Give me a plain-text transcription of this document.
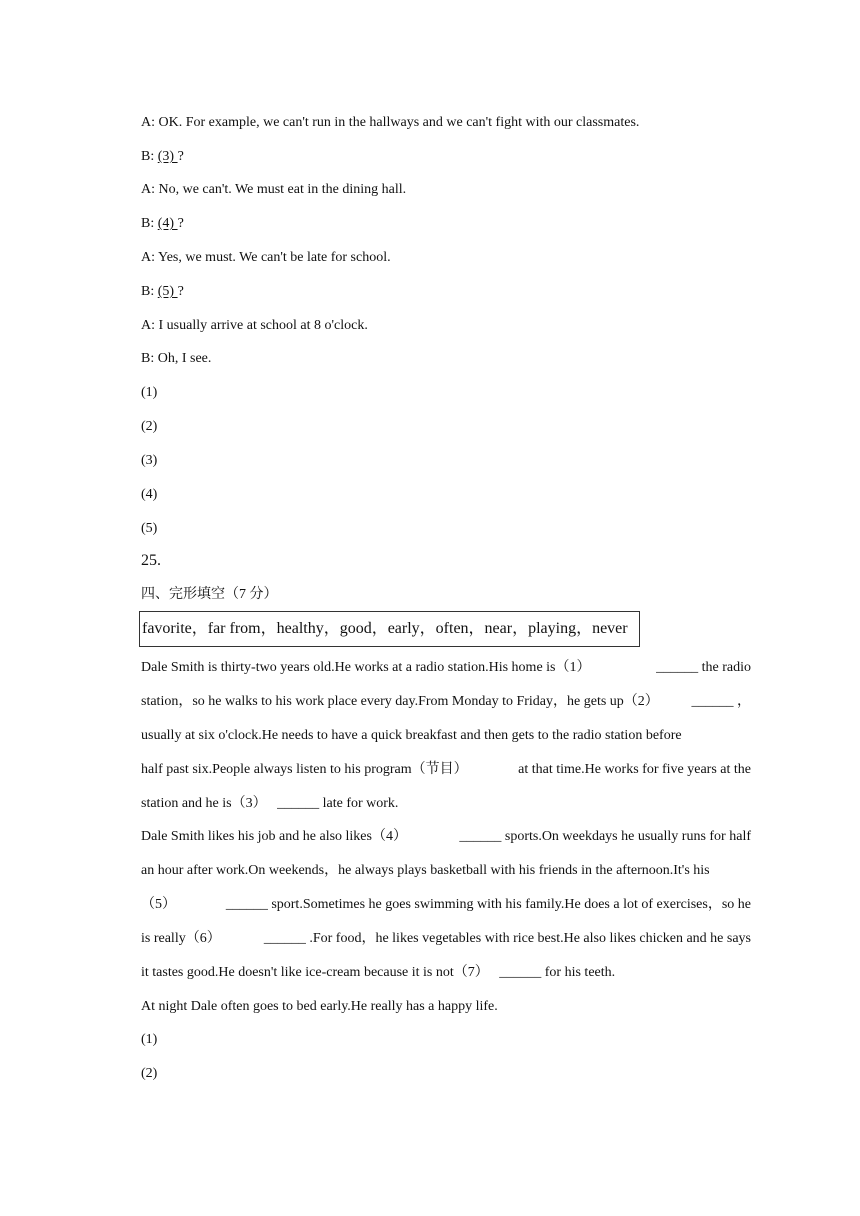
A: OK. For example, we can't run in the hallways and we can't fight with our classmates.
B: (3) ?
A: No, we can't. We must eat in the dining hall.
B: (4) ?
A: Yes, we must. We can't be late for school.
B: (5) ?
A: I usually arrive at school at 8 o'clock.
B: Oh, I see.
(1)
(2)
(3)
(4)
(5)
25.
四、完形填空（7 分）
favorite，far from，healthy，good，early，often，near，playing，never
Dale Smith is thirty-two years old.He works at a radio station.His home is（1）	______ the radio
station，so he walks to his work place every day.From Monday to Friday，he gets up（2） ______ ，
usually at six o'clock.He needs to have a quick breakfast and then gets to the radio station before
half past six.People always listen to his program（节目）	at that time.He works for five years at the
station and he is（3） ______ late for work.
Dale Smith likes his job and he also likes（4）	______ sports.On weekdays he usually runs for half
an hour after work.On weekends，he always plays basketball with his friends in the afternoon.It's his
（5）	______ sport.Sometimes he goes swimming with his family.He does a lot of exercises，so he
is really（6）	______ .For food，he likes vegetables with rice best.He also likes chicken and he says
it tastes good.He doesn't like ice-cream because it is not（7） ______ for his teeth.
At night Dale often goes to bed early.He really has a happy life.
(1)
(2)
